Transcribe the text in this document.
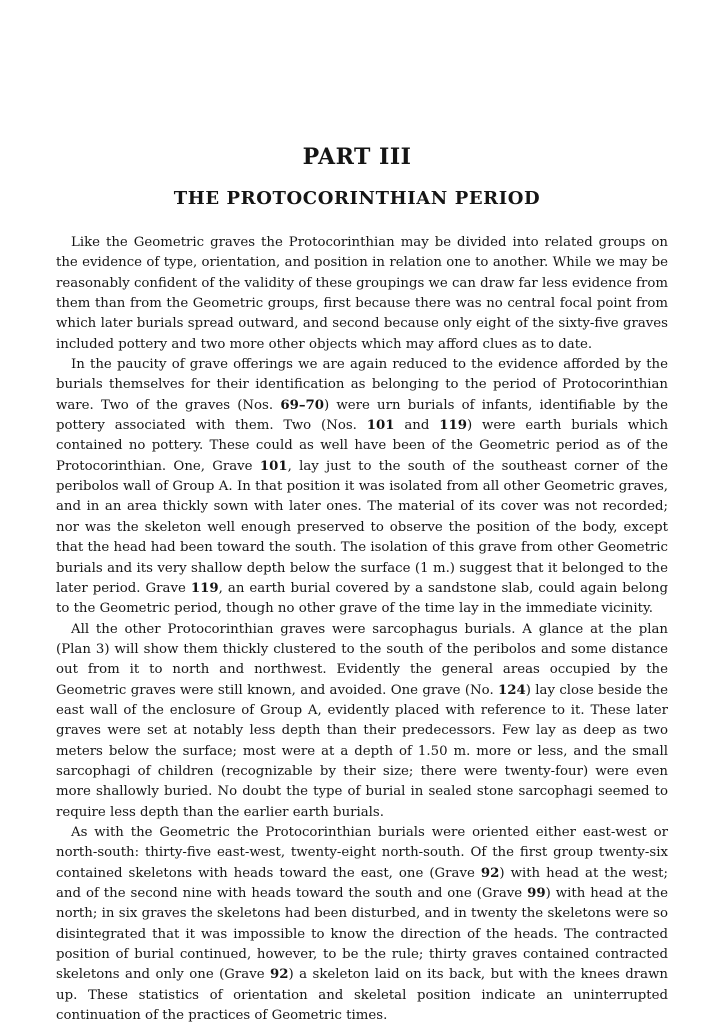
PART III
THE PROTOCORINTHIAN PERIOD

Like the Geometric graves the Protocorinthian may be divided into related groups on the evidence of type, orientation, and position in relation one to another. While we may be reasonably confident of the validity of these groupings we can draw far less evidence from them than from the Geometric groups, first because there was no central focal point from which later burials spread outward, and second because only eight of the sixty-five graves included pottery and two more other objects which may afford clues as to date.

In the paucity of grave offerings we are again reduced to the evidence afforded by the burials themselves for their identification as belonging to the period of Protocorinthian ware. Two of the graves (Nos. 69–70) were urn burials of infants, identifiable by the pottery associated with them. Two (Nos. 101 and 119) were earth burials which contained no pottery. These could as well have been of the Geometric period as of the Protocorinthian. One, Grave 101, lay just to the south of the southeast corner of the peribolos wall of Group A. In that position it was isolated from all other Geometric graves, and in an area thickly sown with later ones. The material of its cover was not recorded; nor was the skeleton well enough preserved to observe the position of the body, except that the head had been toward the south. The isolation of this grave from other Geometric burials and its very shallow depth below the surface (1 m.) suggest that it belonged to the later period. Grave 119, an earth burial covered by a sandstone slab, could again belong to the Geometric period, though no other grave of the time lay in the immediate vicinity.

All the other Protocorinthian graves were sarcophagus burials. A glance at the plan (Plan 3) will show them thickly clustered to the south of the peribolos and some distance out from it to north and northwest. Evidently the general areas occupied by the Geometric graves were still known, and avoided. One grave (No. 124) lay close beside the east wall of the enclosure of Group A, evidently placed with reference to it. These later graves were set at notably less depth than their predecessors. Few lay as deep as two meters below the surface; most were at a depth of 1.50 m. more or less, and the small sarcophagi of children (recognizable by their size; there were twenty-four) were even more shallowly buried. No doubt the type of burial in sealed stone sarcophagi seemed to require less depth than the earlier earth burials.

As with the Geometric the Protocorinthian burials were oriented either east-west or north-south: thirty-five east-west, twenty-eight north-south. Of the first group twenty-six contained skeletons with heads toward the east, one (Grave 92) with head at the west; and of the second nine with heads toward the south and one (Grave 99) with head at the north; in six graves the skeletons had been disturbed, and in twenty the skeletons were so disintegrated that it was impossible to know the direction of the heads. The contracted position of burial continued, however, to be the rule; thirty graves contained contracted skeletons and only one (Grave 92) a skeleton laid on its back, but with the knees drawn up. These statistics of orientation and skeletal position indicate an uninterrupted continuation of the practices of Geometric times.
